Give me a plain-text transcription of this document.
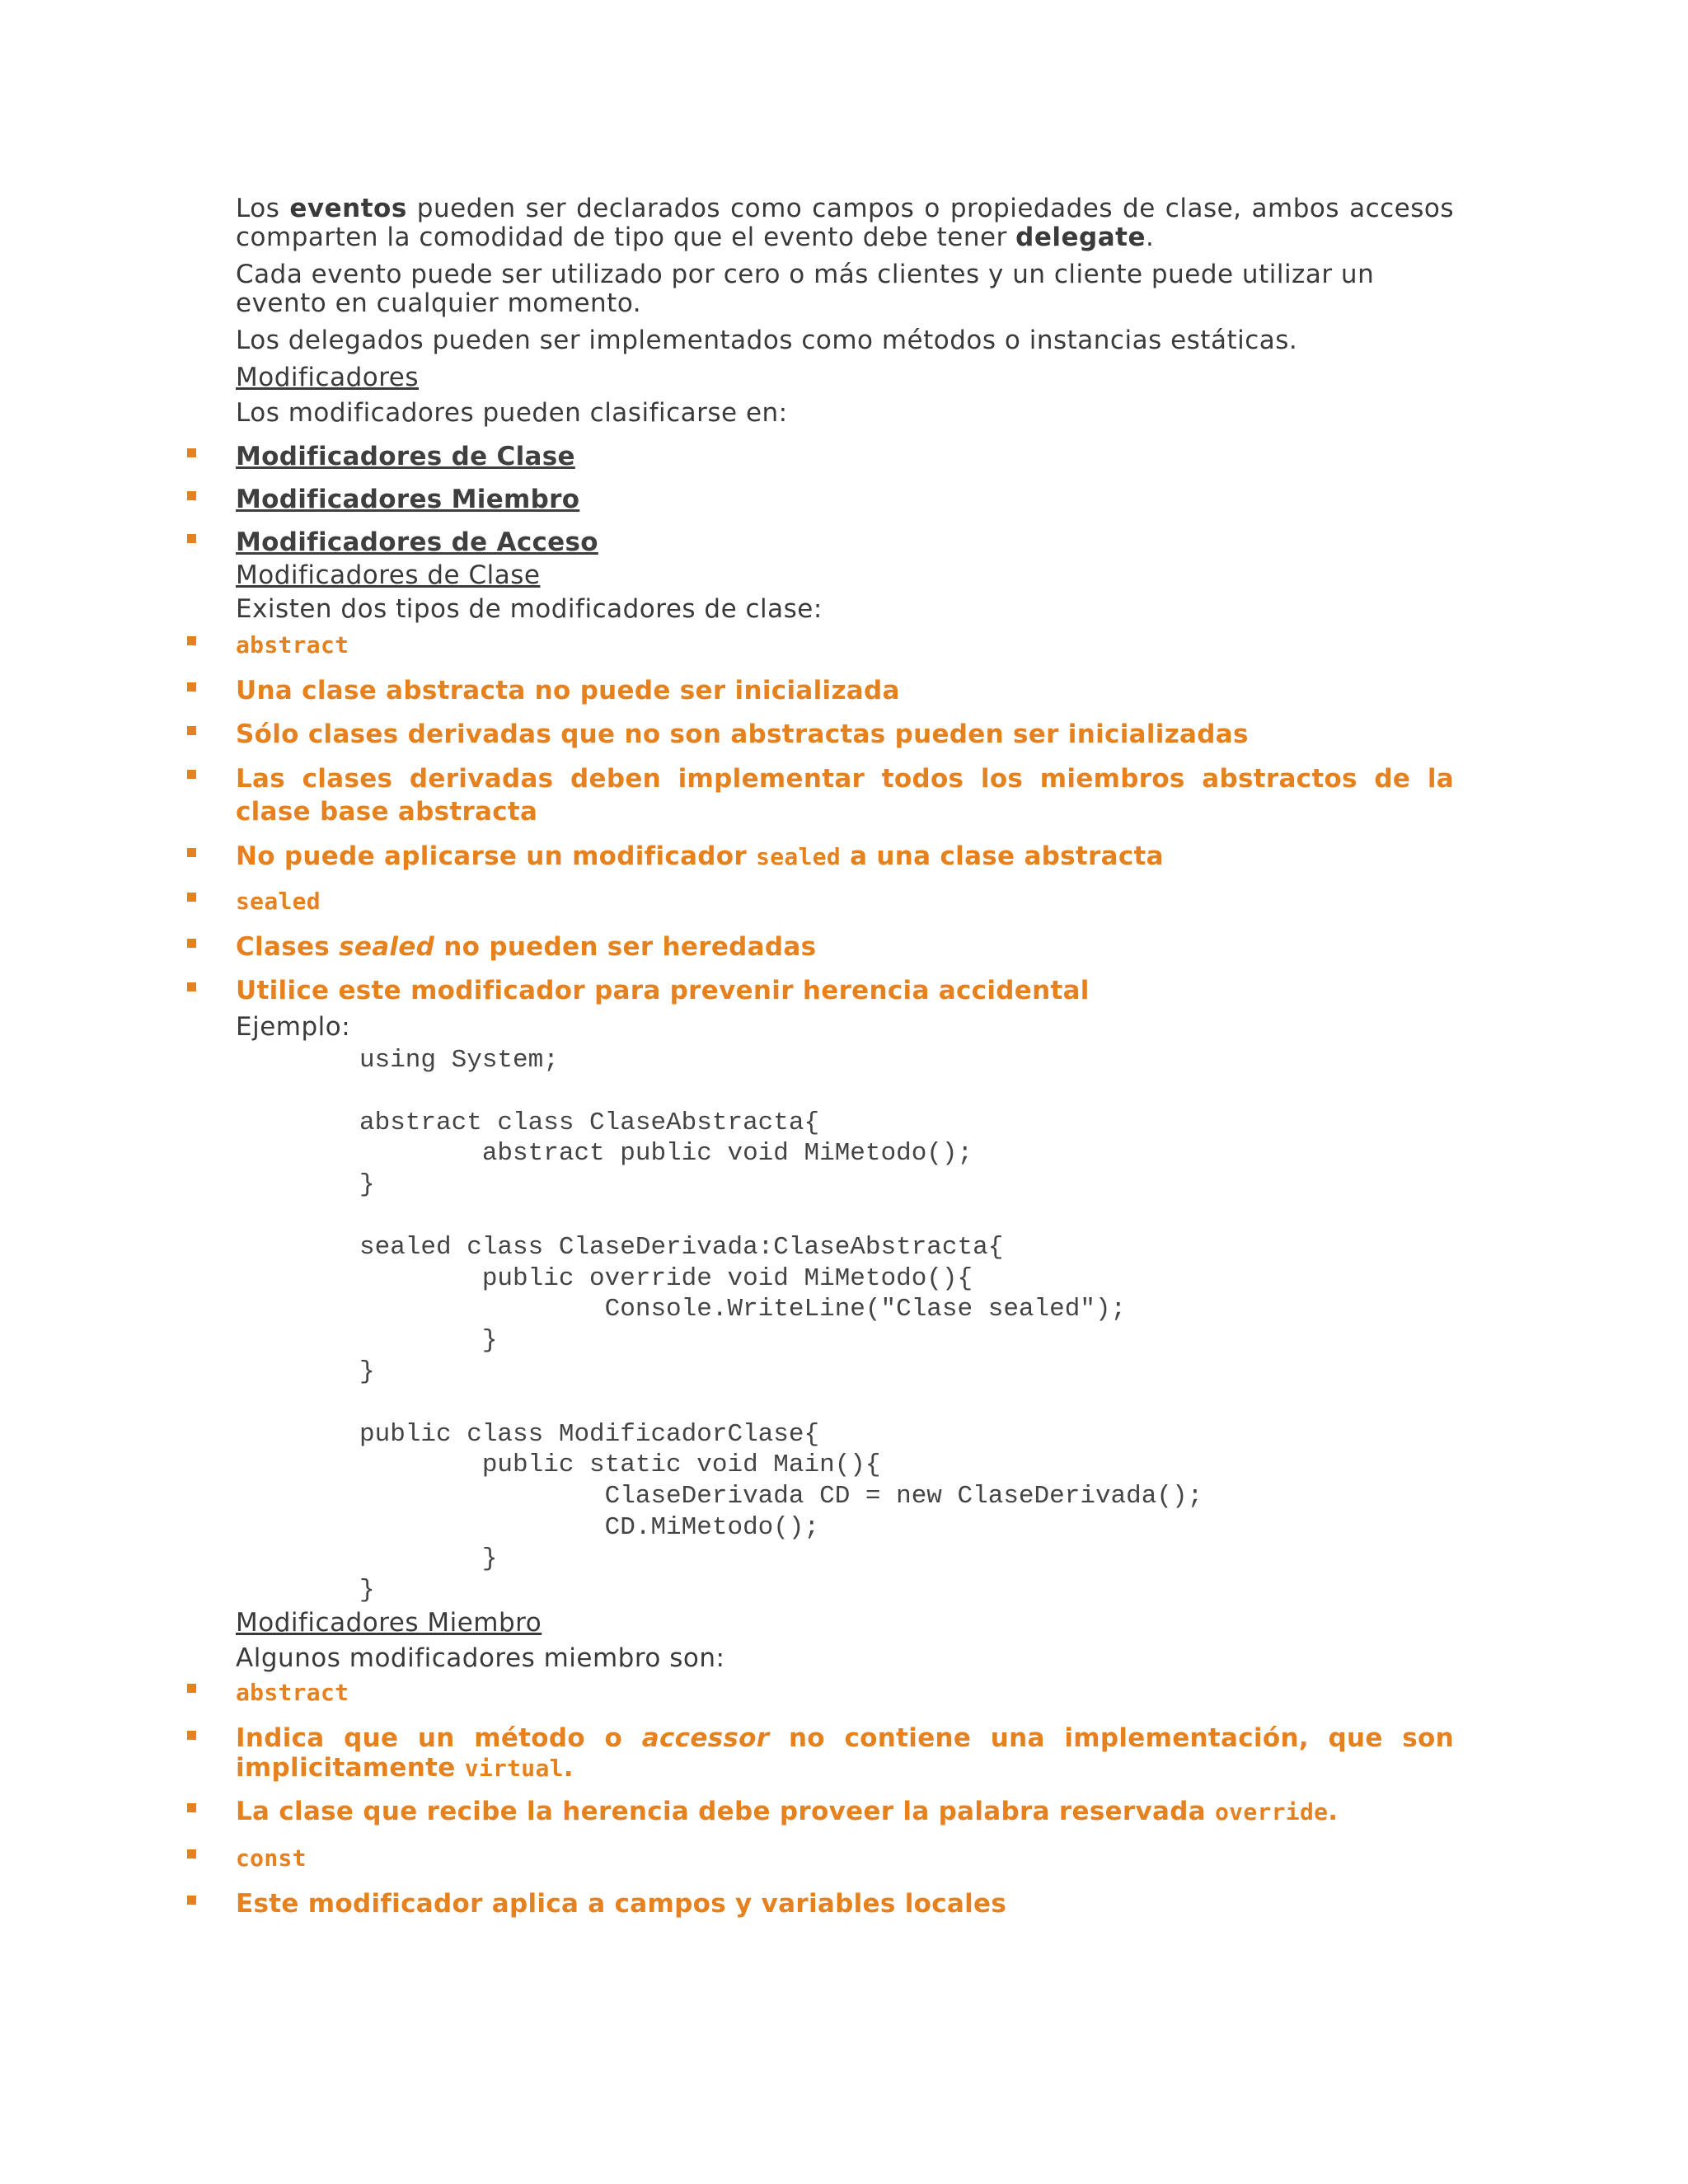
Los eventos pueden ser declarados como campos o propiedades de clase, ambos accesos comparten la comodidad de tipo que el evento debe tener delegate.

Cada evento puede ser utilizado por cero o más clientes y un cliente puede utilizar un evento en cualquier momento.

Los delegados pueden ser implementados como métodos o instancias estáticas.

Modificadores

Los modificadores pueden clasificarse en:

Modificadores de Clase
Modificadores Miembro
Modificadores de Acceso

Modificadores de Clase

Existen dos tipos de modificadores de clase:

abstract
Una clase abstracta no puede ser inicializada
Sólo clases derivadas que no son abstractas pueden ser inicializadas
Las clases derivadas deben implementar todos los miembros abstractos de la clase base abstracta
No puede aplicarse un modificador sealed a una clase abstracta
sealed
Clases sealed no pueden ser heredadas
Utilice este modificador para prevenir herencia accidental

Ejemplo:

using System;

abstract class ClaseAbstracta{
abstract public void MiMetodo();
}

sealed class ClaseDerivada:ClaseAbstracta{
public override void MiMetodo(){
Console.WriteLine("Clase sealed");
}
}

public class ModificadorClase{
public static void Main(){
ClaseDerivada CD = new ClaseDerivada();
CD.MiMetodo();
}
}

Modificadores Miembro

Algunos modificadores miembro son:

abstract
Indica que un método o accessor no contiene una implementación, que son implicitamente virtual.
La clase que recibe la herencia debe proveer la palabra reservada override.
const
Este modificador aplica a campos y variables locales
